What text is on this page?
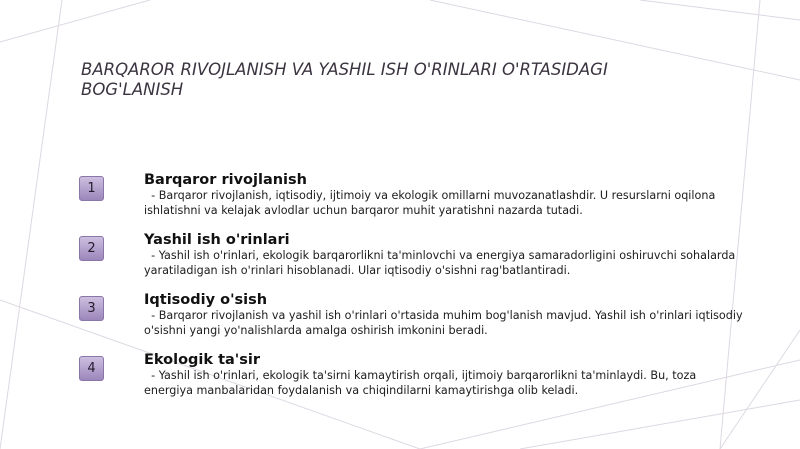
BARQAROR RIVOJLANISH VA YASHIL ISH O'RINLARI O'RTASIDAGI BOG'LANISH
1
Barqaror rivojlanish

- Barqaror rivojlanish, iqtisodiy, ijtimoiy va ekologik omillarni muvozanatlashdir. U resurslarni oqilona ishlatishni va kelajak avlodlar uchun barqaror muhit yaratishni nazarda tutadi.

2
Yashil ish o'rinlari

- Yashil ish o'rinlari, ekologik barqarorlikni ta'minlovchi va energiya samaradorligini oshiruvchi sohalarda yaratiladigan ish o'rinlari hisoblanadi. Ular iqtisodiy o'sishni rag'batlantiradi.

3
Iqtisodiy o'sish

- Barqaror rivojlanish va yashil ish o'rinlari o'rtasida muhim bog'lanish mavjud. Yashil ish o'rinlari iqtisodiy o'sishni yangi yo'nalishlarda amalga oshirish imkonini beradi.

4
Ekologik ta'sir

- Yashil ish o'rinlari, ekologik ta'sirni kamaytirish orqali, ijtimoiy barqarorlikni ta'minlaydi. Bu, toza energiya manbalaridan foydalanish va chiqindilarni kamaytirishga olib keladi.
